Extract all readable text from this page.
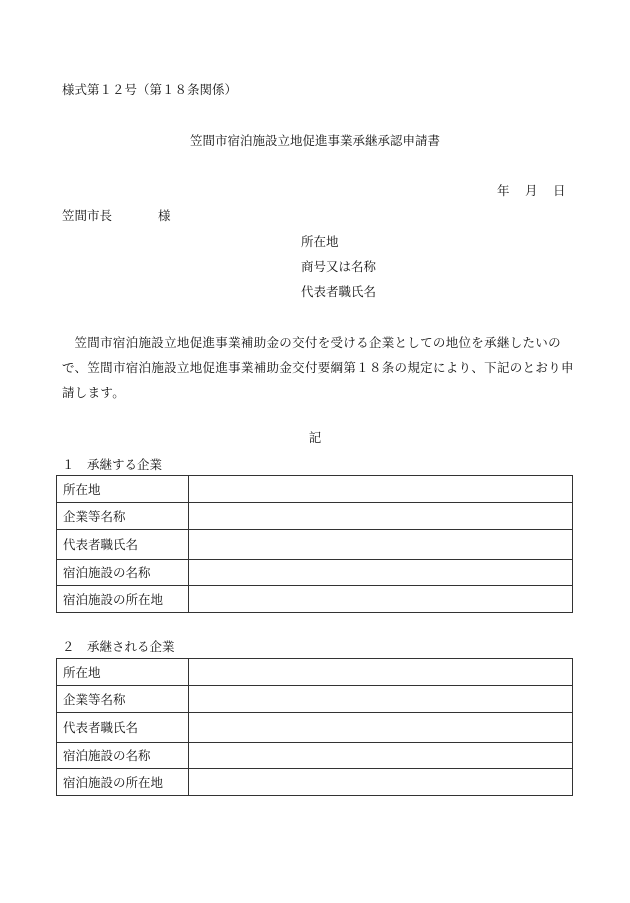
様式第１２号（第１８条関係）
笠間市宿泊施設立地促進事業承継承認申請書
年 月 日
笠間市長	様
所在地
商号又は名称
代表者職氏名
笠間市宿泊施設立地促進事業補助金の交付を受ける企業としての地位を承継したいので、笠間市宿泊施設立地促進事業補助金交付要綱第１８条の規定により、下記のとおり申請します。
記
１　承継する企業
所在地	
企業等名称	
代表者職氏名	
宿泊施設の名称	
宿泊施設の所在地	
２　承継される企業
所在地	
企業等名称	
代表者職氏名	
宿泊施設の名称	
宿泊施設の所在地	
